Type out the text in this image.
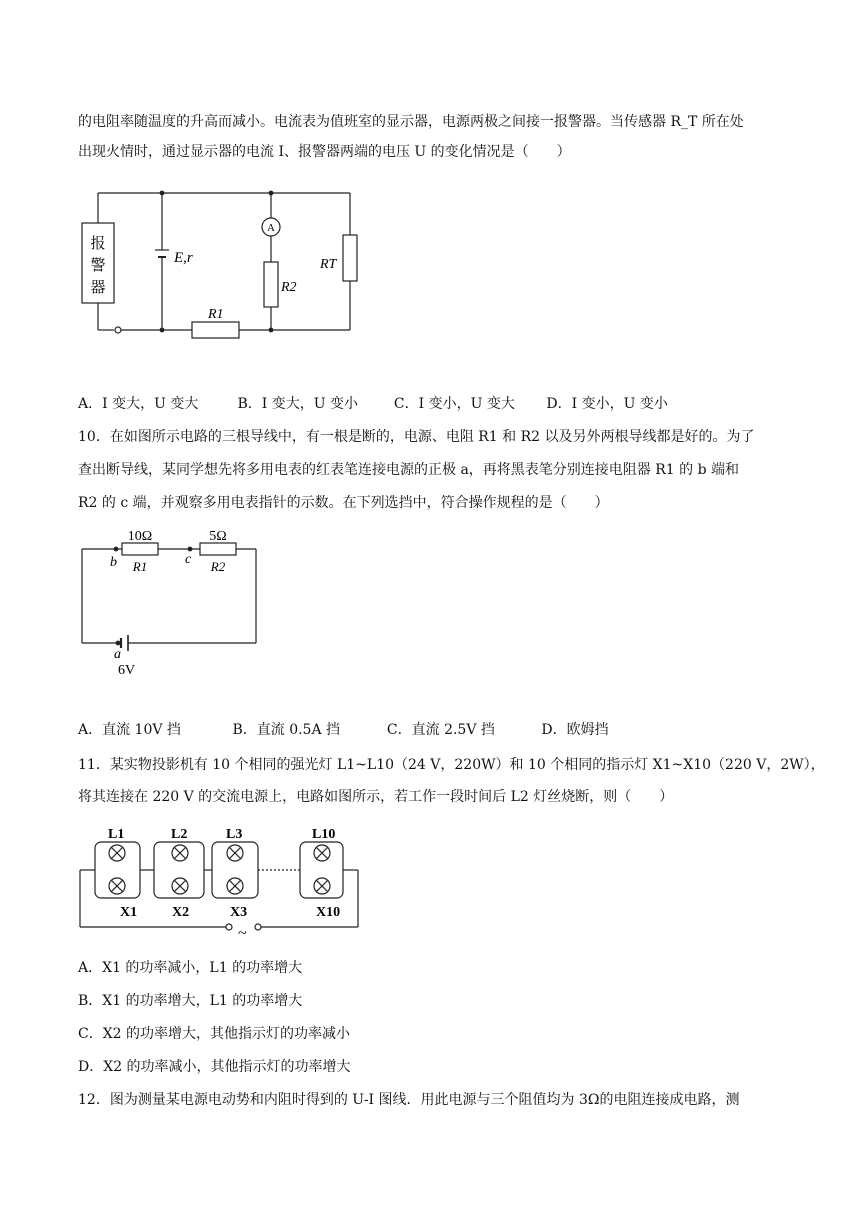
的电阻率随温度的升高而减小。电流表为值班室的显示器，电源两极之间接一报警器。当传感器 R_T 所在处
出现火情时，通过显示器的电流 I、报警器两端的电压 U 的变化情况是（　　）
报
警
器
E,r
A
R2
RT
R1
A．I 变大，U 变大	B．I 变大，U 变小	C．I 变小，U 变大 D．I 变小，U 变小
10．在如图所示电路的三根导线中，有一根是断的，电源、电阻 R1 和 R2 以及另外两根导线都是好的。为了
查出断导线，某同学想先将多用电表的红表笔连接电源的正极 a，再将黑表笔分别连接电阻器 R1 的 b 端和
R2 的 c 端，并观察多用电表指针的示数。在下列选挡中，符合操作规程的是（　　）
10Ω	5Ω
b R1	c R2
a
6V
A．直流 10V 挡	B．直流 0.5A 挡	C．直流 2.5V 挡	D．欧姆挡
11．某实物投影机有 10 个相同的强光灯 L1~L10（24 V，220W）和 10 个相同的指示灯 X1~X10（220 V，2W），
将其连接在 220 V 的交流电源上，电路如图所示，若工作一段时间后 L2 灯丝烧断，则（　　）
L1	L2	L3	L10
X1 X2	X3	X10
~
A．X1 的功率减小，L1 的功率增大
B．X1 的功率增大，L1 的功率增大
C．X2 的功率增大，其他指示灯的功率减小
D．X2 的功率减小，其他指示灯的功率增大
12．图为测量某电源电动势和内阻时得到的 U-I 图线．用此电源与三个阻值均为 3Ω的电阻连接成电路，测
